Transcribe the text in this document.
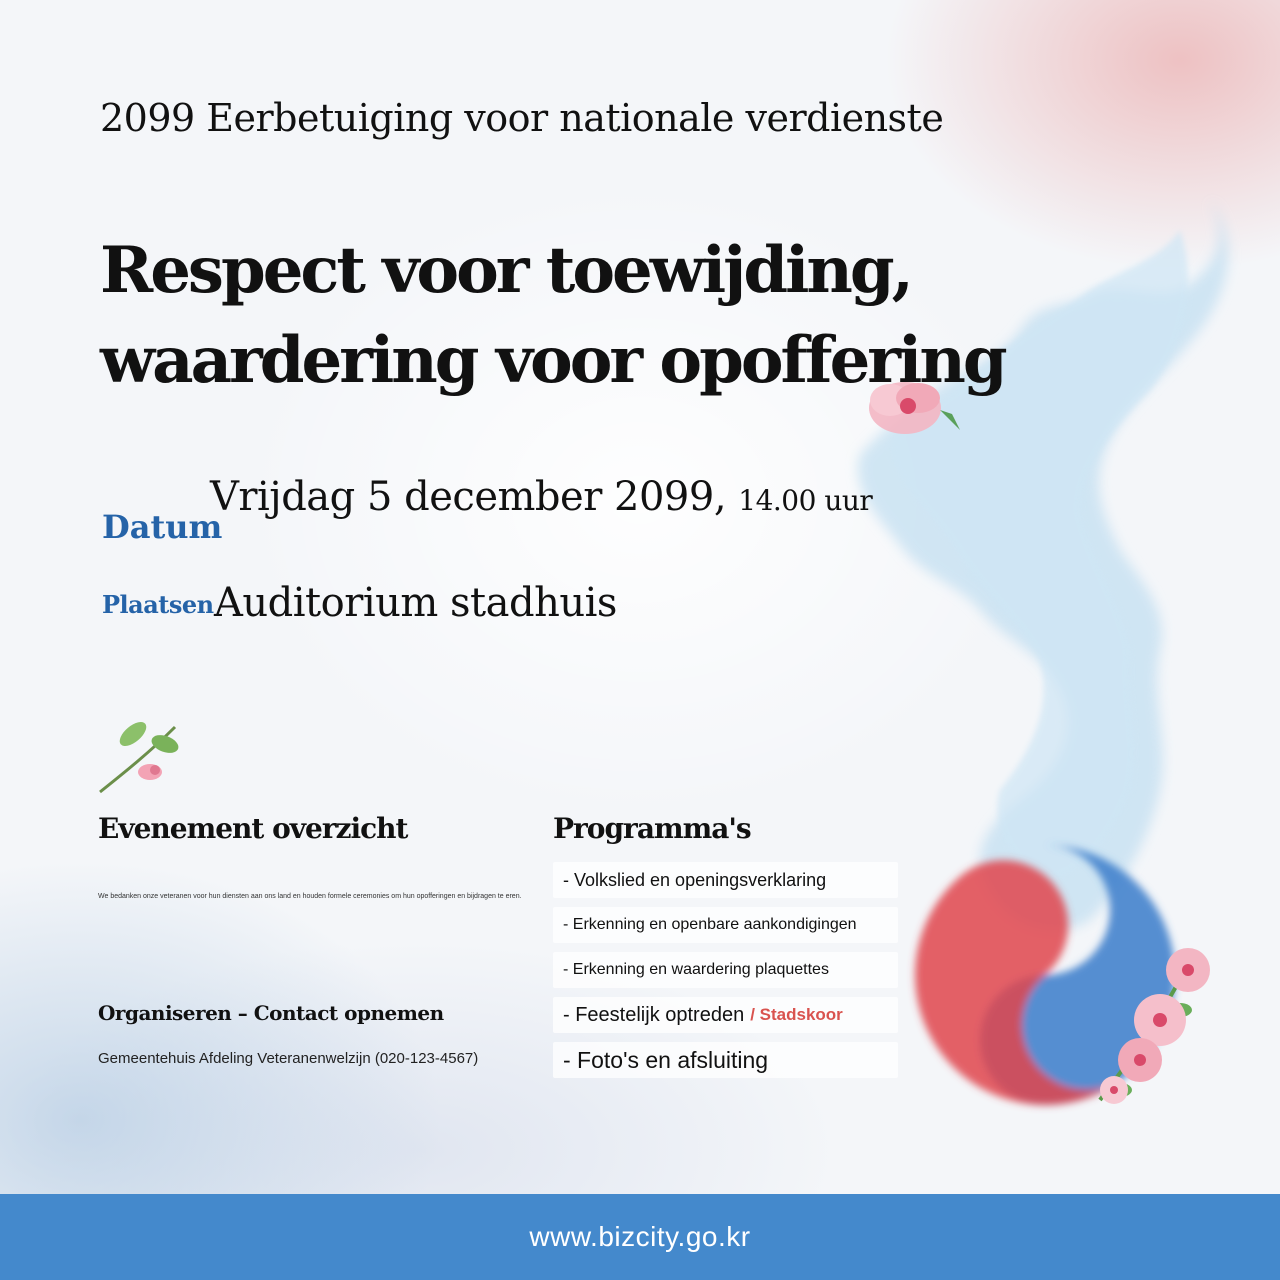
2099 Eerbetuiging voor nationale verdienste
Respect voor toewijding,
waardering voor opoffering
Datum
Vrijdag 5 december 2099, 14.00 uur
Plaatsen Auditorium stadhuis
Evenement overzicht
We bedanken onze veteranen voor hun diensten aan ons land en houden formele ceremonies om hun opofferingen en bijdragen te eren.
Organiseren – Contact opnemen
Gemeentehuis Afdeling Veteranenwelzijn (020-123-4567)
Programma's
- Volkslied en openingsverklaring
- Erkenning en openbare aankondigingen
- Erkenning en waardering plaquettes
- Feestelijk optreden / Stadskoor
- Foto's en afsluiting
www.bizcity.go.kr
